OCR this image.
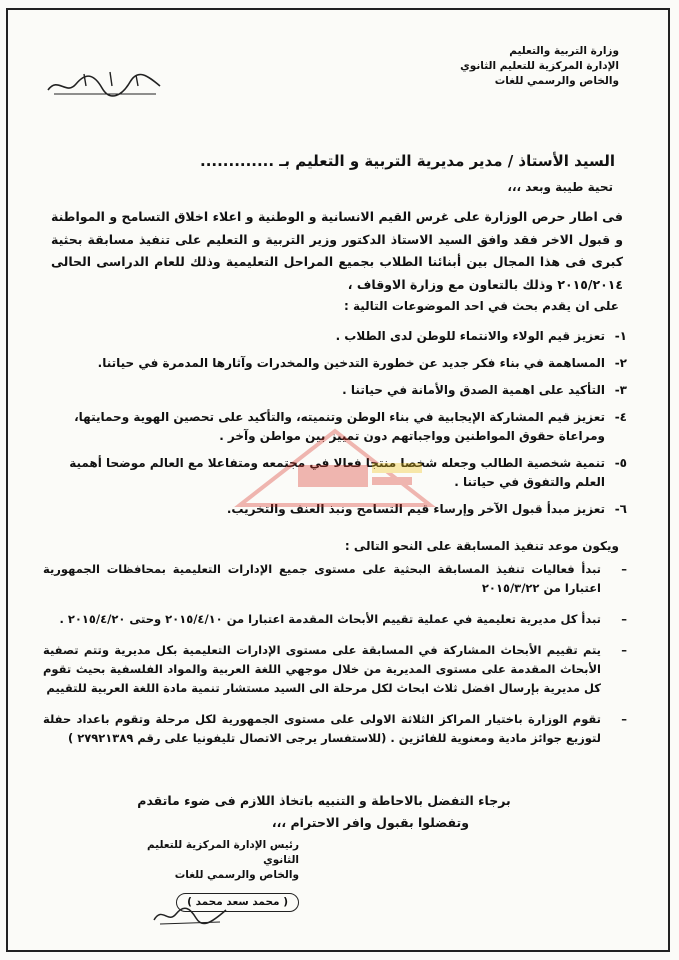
وزارة التربية والتعليم
الإدارة المركزية للتعليم الثانوي
والخاص والرسمي للغات
السيد الأستاذ / مدير مديرية التربية و التعليم بـ .............
تحية طيبة وبعد ،،،
فى اطار حرص الوزارة على غرس القيم الانسانية و الوطنية و اعلاء اخلاق التسامح و المواطنة و قبول الاخر فقد وافق السيد الاستاذ الدكتور وزير التربية و التعليم على تنفيذ مسابقة بحثية كبرى فى هذا المجال بين أبنائنا الطلاب بجميع المراحل التعليمية وذلك للعام الدراسى الحالى ٢٠١٥/٢٠١٤ وذلك بالتعاون مع وزارة الاوقاف ،
على ان يقدم بحث في احد الموضوعات التالية :
١-
تعزيز قيم الولاء والانتماء للوطن لدى الطلاب .
٢-
المساهمة في بناء فكر جديد عن خطورة التدخين والمخدرات وآثارها المدمرة في حياتنا.
٣-
التأكيد على اهمية الصدق والأمانة في حياتنا .
٤-
تعزيز قيم المشاركة الإيجابية في بناء الوطن وتنميته، والتأكيد على تحصين الهوية وحمايتها، ومراعاة حقوق المواطنين وواجباتهم دون تمييز بين مواطن وآخر .
٥-
تنمية شخصية الطالب وجعله شخصا منتجا فعالا في مجتمعه ومتفاعلا مع العالم موضحا أهمية العلم والتفوق في حياتنا .
٦-
تعزيز مبدأ قبول الآخر وإرساء قيم التسامح ونبذ العنف والتخريب.
ويكون موعد تنفيذ المسابقة على النحو التالى :
–
تبدأ فعاليات تنفيذ المسابقة البحثية على مستوى جميع الإدارات التعليمية بمحافظات الجمهورية اعتبارا من ٢٠١٥/٣/٢٢
–
تبدأ كل مديرية تعليمية في عملية تقييم الأبحاث المقدمة اعتبارا من ٢٠١٥/٤/١٠ وحتى ٢٠١٥/٤/٢٠ .
–
يتم تقييم الأبحاث المشاركة في المسابقة على مستوى الإدارات التعليمية بكل مديرية وتتم تصفية الأبحاث المقدمة على مستوى المديرية من خلال موجهي اللغة العربية والمواد الفلسفية بحيث تقوم كل مديرية بإرسال افضل ثلاث ابحاث لكل مرحلة الى السيد مستشار تنمية مادة اللغة العربية للتقييم
–
تقوم الوزارة باختيار المراكز الثلاثة الاولى على مستوى الجمهورية لكل مرحلة وتقوم باعداد حفلة لتوزيع جوائز مادية ومعنوية للفائزين . (للاستفسار يرجى الاتصال تليفونيا على رقم ٢٧٩٢١٣٨٩ )
برجاء التفضل بالاحاطة و التنبيه باتخاذ اللازم فى ضوء ماتقدم
وتفضلوا بقبول وافر الاحترام ،،،
رئيس الإدارة المركزية للتعليم الثانوي
والخاص والرسمي للغات
( محمد سعد محمد )
